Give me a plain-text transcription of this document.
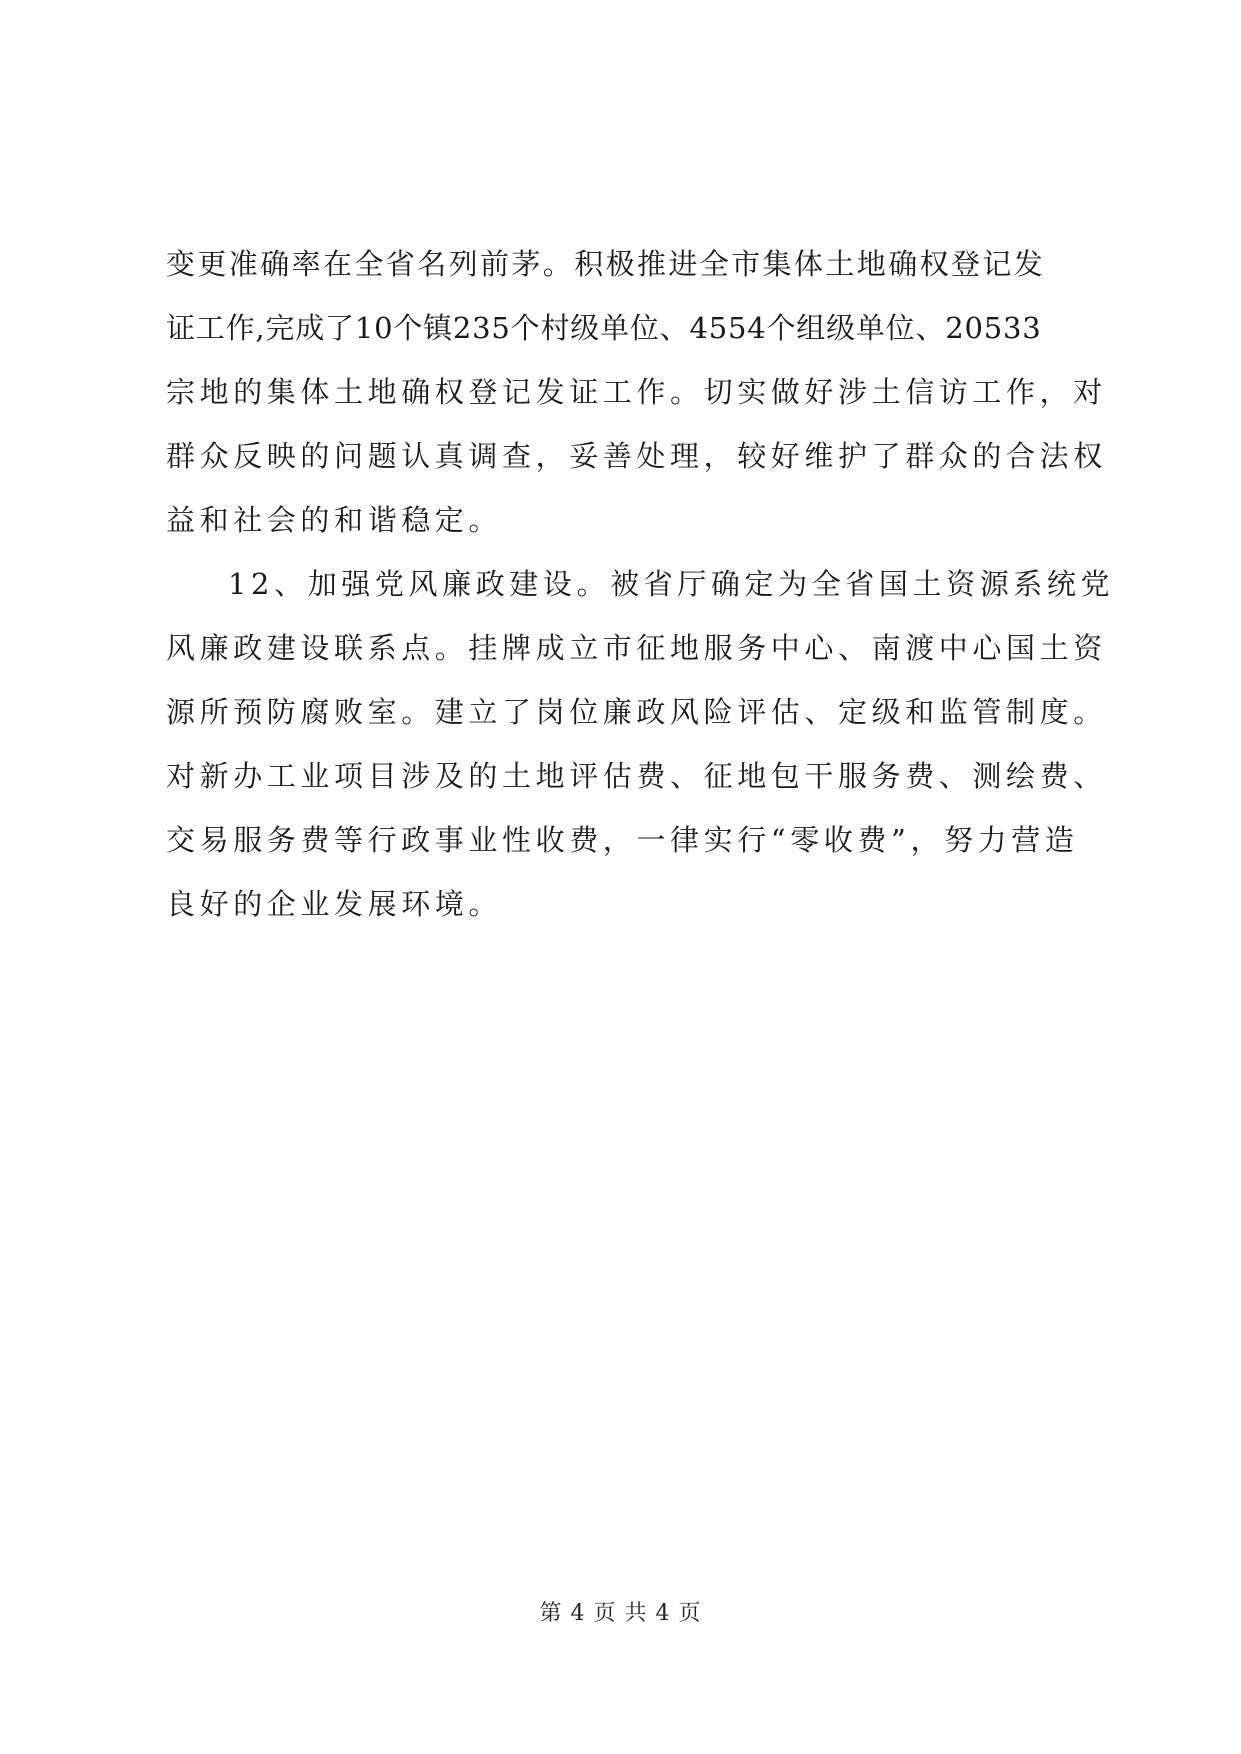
变更准确率在全省名列前茅。积极推进全市集体土地确权登记发
证工作,完成了10个镇235个村级单位、4554个组级单位、20533
宗地的集体土地确权登记发证工作。切实做好涉土信访工作，对
群众反映的问题认真调查，妥善处理，较好维护了群众的合法权
益和社会的和谐稳定。
12、加强党风廉政建设。被省厅确定为全省国土资源系统党
风廉政建设联系点。挂牌成立市征地服务中心、南渡中心国土资
源所预防腐败室。建立了岗位廉政风险评估、定级和监管制度。
对新办工业项目涉及的土地评估费、征地包干服务费、测绘费、
交易服务费等行政事业性收费，一律实行“零收费”，努力营造
良好的企业发展环境。
第 4 页 共 4 页
